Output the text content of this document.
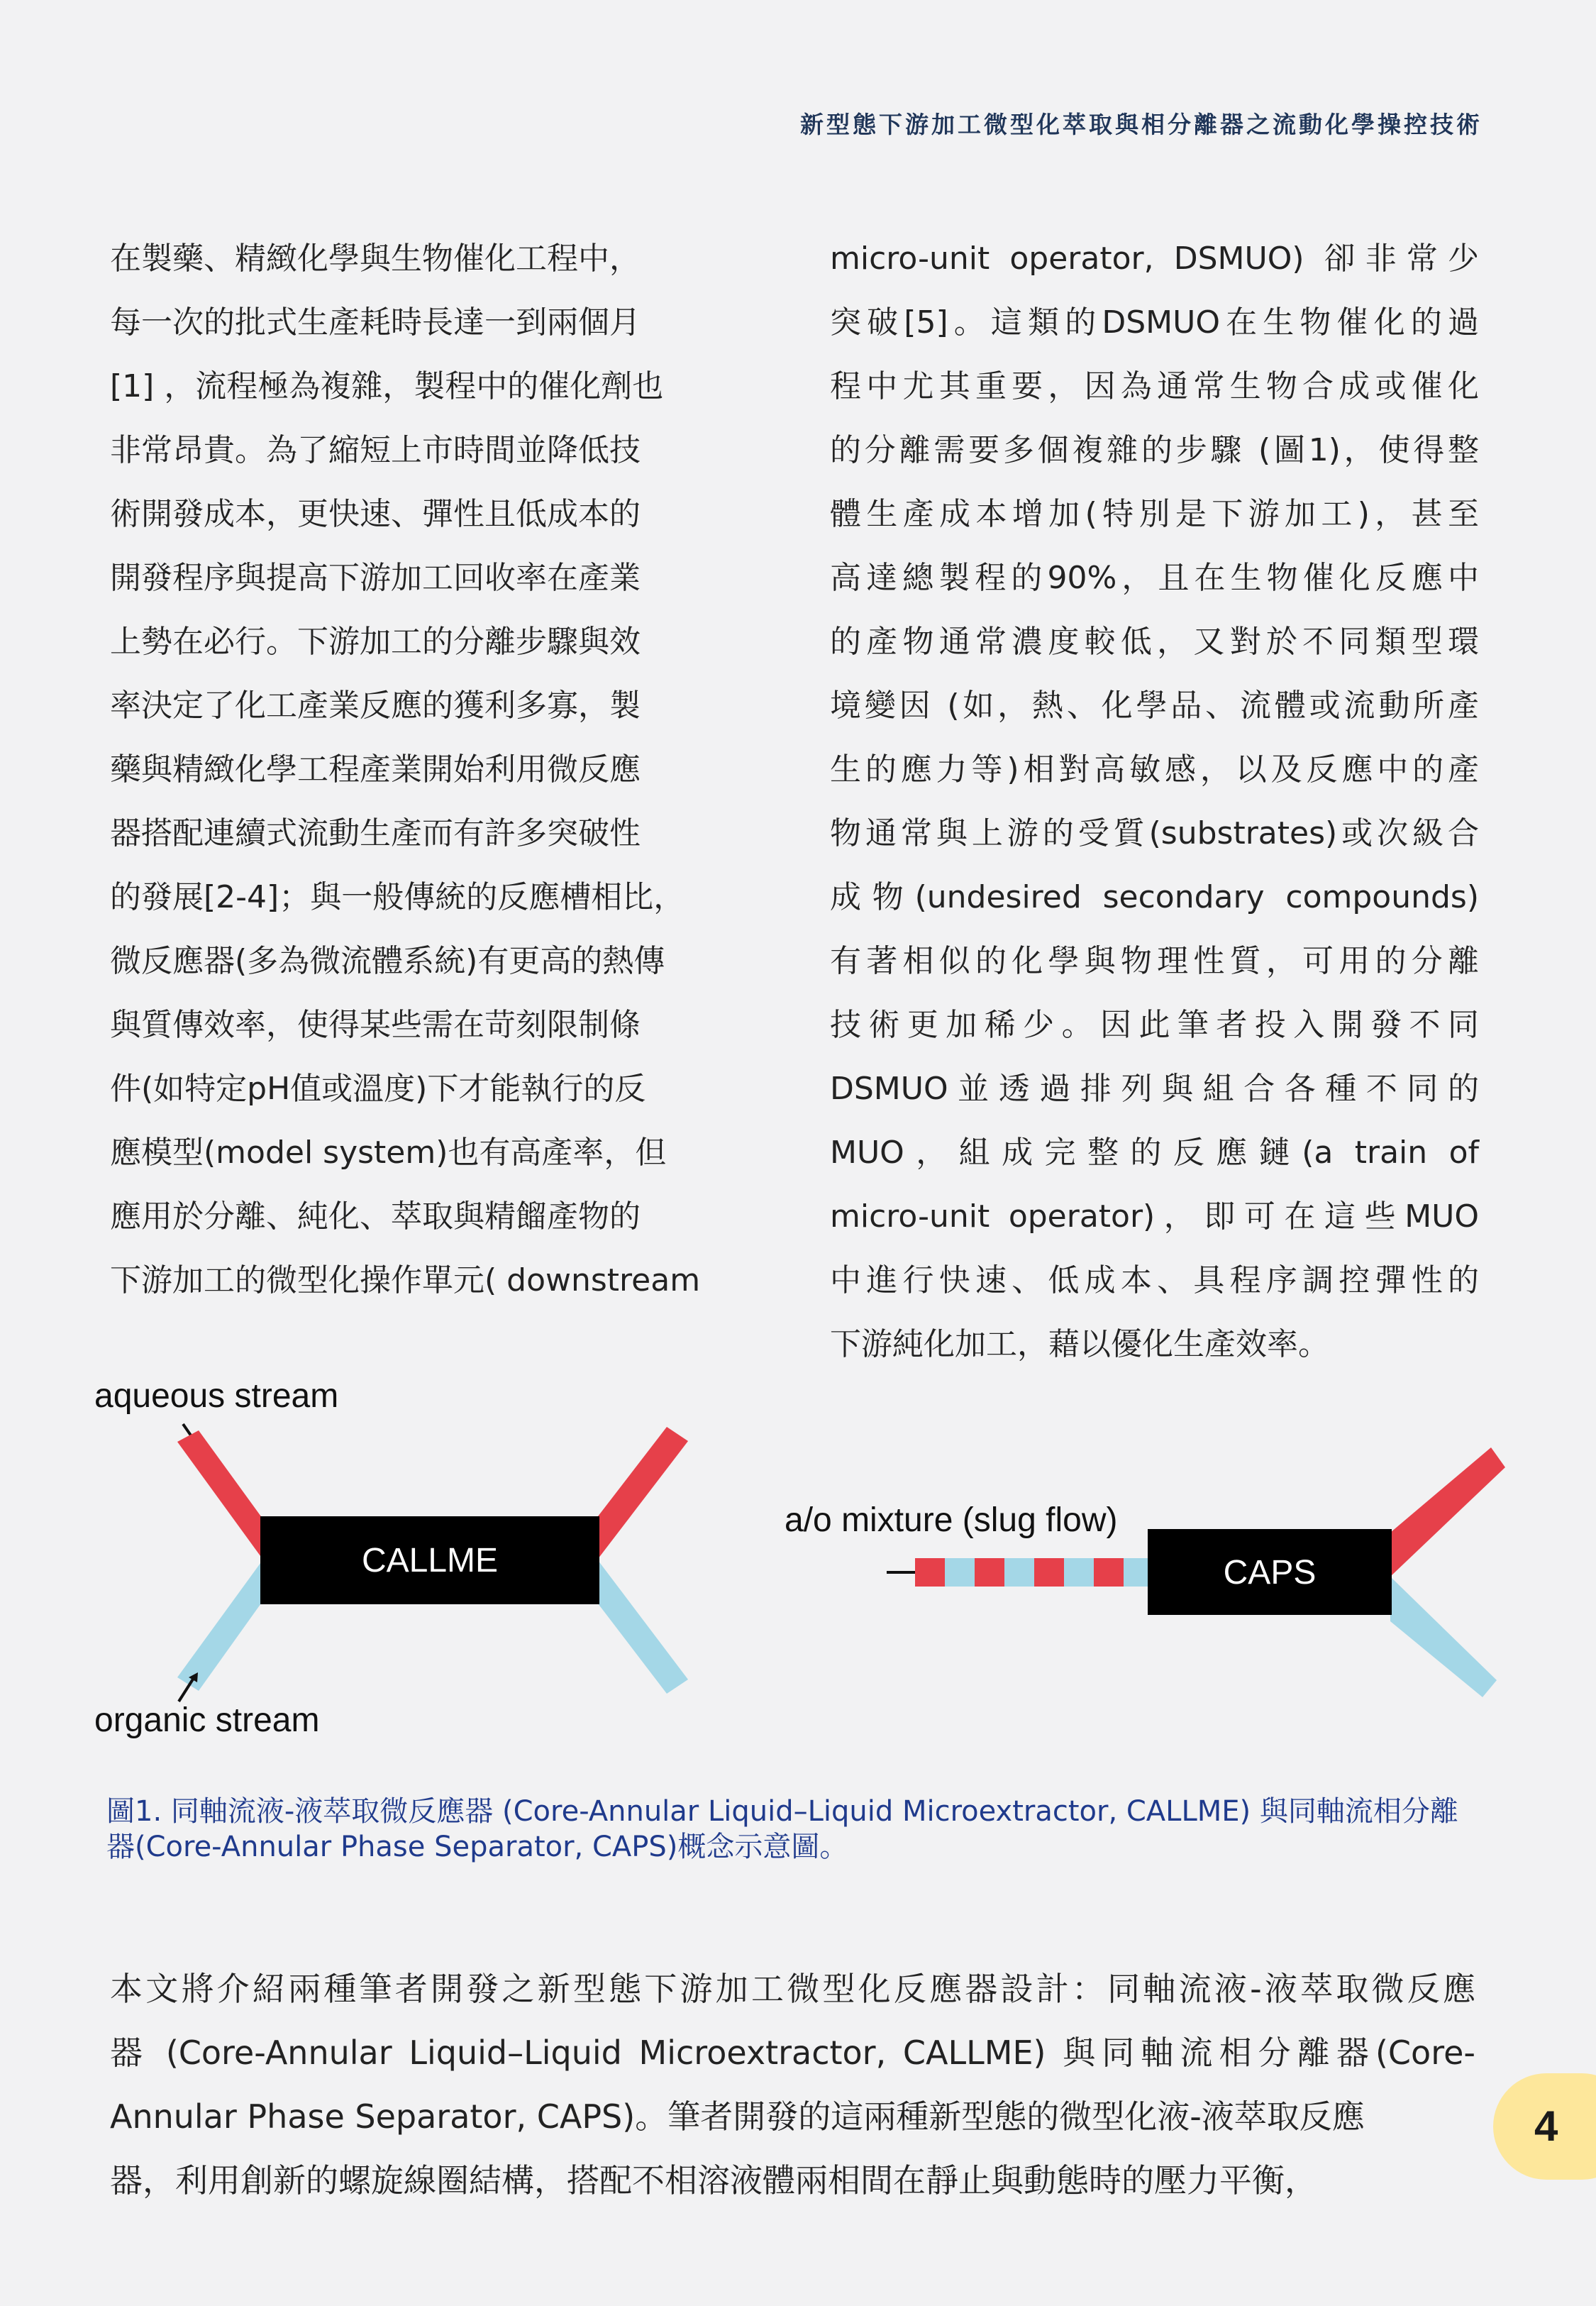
新型態下游加工微型化萃取與相分離器之流動化學操控技術
在製藥、精緻化學與生物催化工程中，
每一次的批式生產耗時長達一到兩個月
[1] ，流程極為複雜，製程中的催化劑也
非常昂貴。為了縮短上市時間並降低技
術開發成本，更快速、彈性且低成本的
開發程序與提高下游加工回收率在產業
上勢在必行。下游加工的分離步驟與效
率決定了化工產業反應的獲利多寡，製
藥與精緻化學工程產業開始利用微反應
器搭配連續式流動生產而有許多突破性
的發展[2-4]；與一般傳統的反應槽相比，
微反應器(多為微流體系統)有更高的熱傳
與質傳效率，使得某些需在苛刻限制條
件(如特定pH值或溫度)下才能執行的反
應模型(model system)也有高產率，但
應用於分離、純化、萃取與精餾產物的
下游加工的微型化操作單元( downstream
micro-unit operator, DSMUO) 卻非常少
突破[5]。這類的DSMUO在生物催化的過
程中尤其重要，因為通常生物合成或催化
的分離需要多個複雜的步驟 (圖1)，使得整
體生產成本增加(特別是下游加工)，甚至
高達總製程的90%，且在生物催化反應中
的產物通常濃度較低，又對於不同類型環
境變因 (如，熱、化學品、流體或流動所產
生的應力等)相對高敏感，以及反應中的產
物通常與上游的受質(substrates)或次級合
成物(undesired secondary compounds)
有著相似的化學與物理性質，可用的分離
技術更加稀少。因此筆者投入開發不同
DSMUO並透過排列與組合各種不同的
MUO，組成完整的反應鏈(a train of
micro-unit operator)，即可在這些MUO
中進行快速、低成本、具程序調控彈性的
下游純化加工，藉以優化生產效率。
aqueous stream
CALLME
organic stream
a/o mixture (slug flow)
CAPS
圖1. 同軸流液-液萃取微反應器 (Core-Annular Liquid–Liquid Microextractor, CALLME) 與同軸流相分離
器(Core-Annular Phase Separator, CAPS)概念示意圖。
本文將介紹兩種筆者開發之新型態下游加工微型化反應器設計：同軸流液-液萃取微反應
器 (Core-Annular Liquid–Liquid Microextractor, CALLME) 與同軸流相分離器(Core-
Annular Phase Separator, CAPS)。筆者開發的這兩種新型態的微型化液-液萃取反應
器，利用創新的螺旋線圈結構，搭配不相溶液體兩相間在靜止與動態時的壓力平衡，
4
